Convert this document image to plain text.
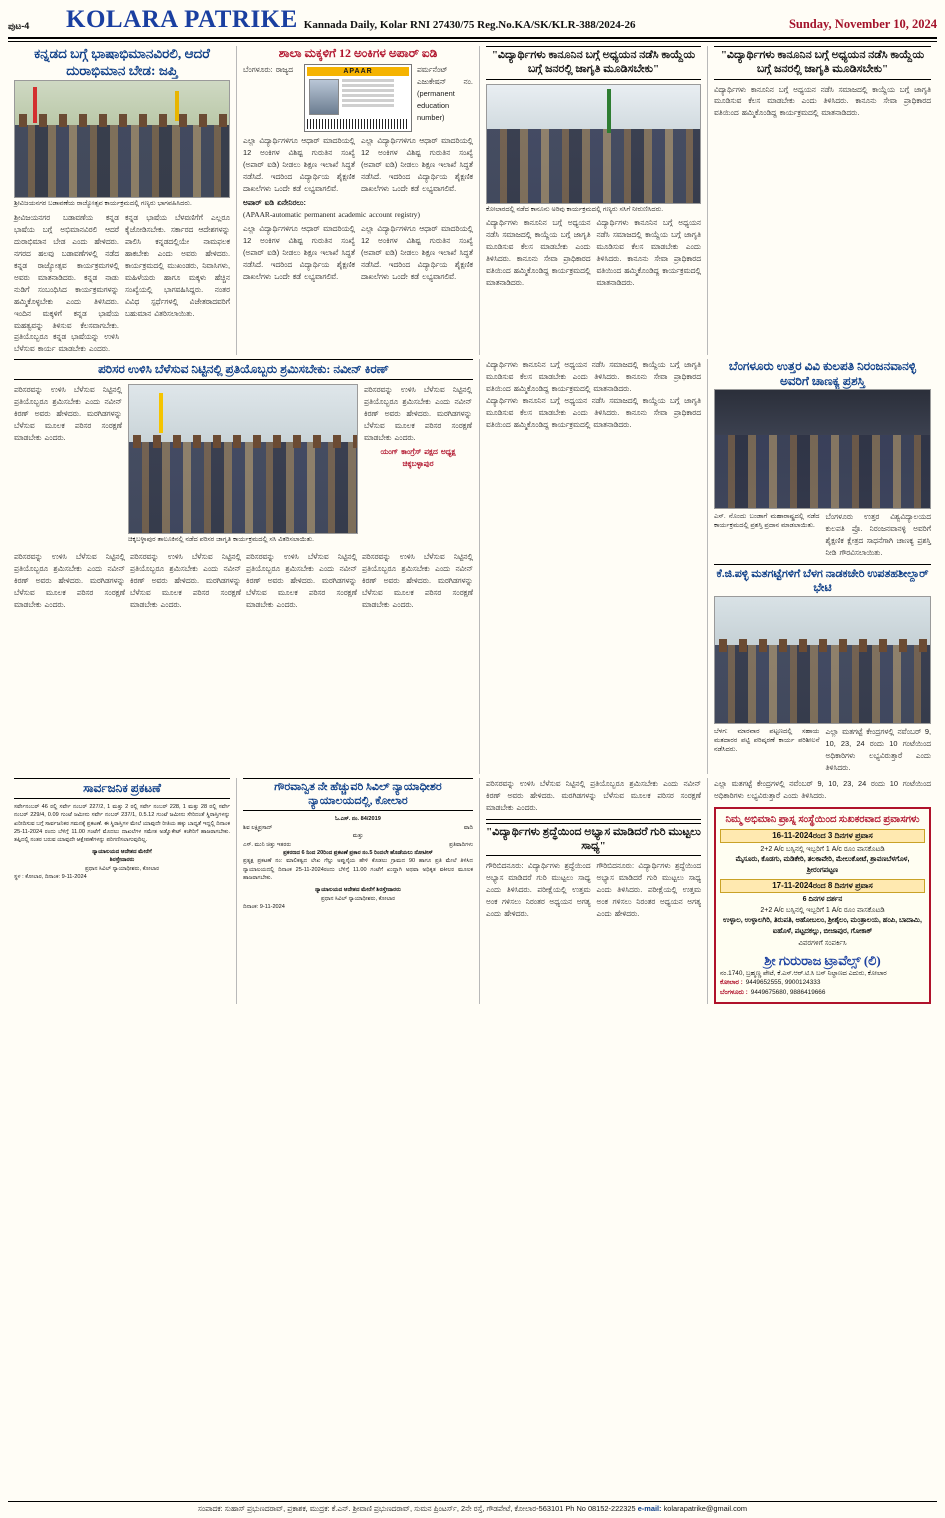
ಪುಟ-4	KOLARA PATRIKE Kannada Daily, Kolar RNI 27430/75 Reg.No.KA/SK/KLR-388/2024-26	Sunday, November 10, 2024
ಕನ್ನಡದ ಬಗ್ಗೆ ಭಾಷಾಭಿಮಾನವಿರಲಿ, ಆದರೆ ದುರಾಭಿಮಾನ ಬೇಡ: ಜಪ್ತಿ
ಶ್ರೀವಿಜಯನಗರ ಬಡಾವಣೆಯ ರಾಜ್ಯೋತ್ಸವ ಕಾರ್ಯಕ್ರಮದಲ್ಲಿ ಗಣ್ಯರು ಭಾಗವಹಿಸಿದರು.
ಶ್ರೀವಿಜಯನಗರ ಬಡಾವಣೆಯ ಕನ್ನಡ ಭಾಷೆಯ ಬಗ್ಗೆ ಅಭಿಮಾನವಿರಲಿ ಆದರೆ ದುರಾಭಿಮಾನ ಬೇಡ ಎಂದು ಹೇಳಿದರು. ನಗರದ ಹಲವು ಬಡಾವಣೆಗಳಲ್ಲಿ ನಡೆದ ಕನ್ನಡ ರಾಜ್ಯೋತ್ಸವ ಕಾರ್ಯಕ್ರಮಗಳಲ್ಲಿ ಅವರು ಮಾತನಾಡಿದರು. ಕನ್ನಡ ನಾಡು ನುಡಿಗೆ ಸಂಬಂಧಿಸಿದ ಕಾರ್ಯಕ್ರಮಗಳನ್ನು ಹಮ್ಮಿಕೊಳ್ಳಬೇಕು ಎಂದು ತಿಳಿಸಿದರು. ಇಂದಿನ ಮಕ್ಕಳಿಗೆ ಕನ್ನಡ ಭಾಷೆಯ ಮಹತ್ವವನ್ನು ತಿಳಿಸುವ ಕೆಲಸವಾಗಬೇಕು. ಪ್ರತಿಯೊಬ್ಬರೂ ಕನ್ನಡ ಭಾಷೆಯನ್ನು ಉಳಿಸಿ ಬೆಳೆಸುವ ಕಾರ್ಯ ಮಾಡಬೇಕು ಎಂದರು.
ಕನ್ನಡ ಭಾಷೆಯ ಬೆಳವಣಿಗೆಗೆ ಎಲ್ಲರೂ ಕೈಜೋಡಿಸಬೇಕು. ಸರ್ಕಾರದ ಆದೇಶಗಳನ್ನು ಪಾಲಿಸಿ ಕನ್ನಡದಲ್ಲಿಯೇ ನಾಮಫಲಕ ಹಾಕಬೇಕು ಎಂದು ಅವರು ಹೇಳಿದರು. ಕಾರ್ಯಕ್ರಮದಲ್ಲಿ ಮುಖಂಡರು, ನಿವಾಸಿಗಳು, ಮಹಿಳೆಯರು ಹಾಗೂ ಮಕ್ಕಳು ಹೆಚ್ಚಿನ ಸಂಖ್ಯೆಯಲ್ಲಿ ಭಾಗವಹಿಸಿದ್ದರು. ನಂತರ ವಿವಿಧ ಸ್ಪರ್ಧೆಗಳಲ್ಲಿ ವಿಜೇತರಾದವರಿಗೆ ಬಹುಮಾನ ವಿತರಿಸಲಾಯಿತು.
ಶಾಲಾ ಮಕ್ಕಳಿಗೆ 12 ಅಂಕಿಗಳ ಅಪಾರ್ ಐಡಿ
ಬೆಂಗಳೂರು: ರಾಜ್ಯದ	APAAR	ಪರ್ಮನೆಂಟ್ ಎಜುಕೇಷನ್ ನಂ. (permanent education number)
ಎಲ್ಲಾ ವಿದ್ಯಾರ್ಥಿಗಳಿಗೂ ಆಧಾರ್ ಮಾದರಿಯಲ್ಲಿ 12 ಅಂಕಿಗಳ ವಿಶಿಷ್ಟ ಗುರುತಿನ ಸಂಖ್ಯೆ (ಅಪಾರ್ ಐಡಿ) ನೀಡಲು ಶಿಕ್ಷಣ ಇಲಾಖೆ ಸಿದ್ಧತೆ ನಡೆಸಿದೆ. ಇದರಿಂದ ವಿದ್ಯಾರ್ಥಿಯ ಶೈಕ್ಷಣಿಕ ದಾಖಲೆಗಳು ಒಂದೇ ಕಡೆ ಲಭ್ಯವಾಗಲಿವೆ.
ಎಲ್ಲಾ ವಿದ್ಯಾರ್ಥಿಗಳಿಗೂ ಆಧಾರ್ ಮಾದರಿಯಲ್ಲಿ 12 ಅಂಕಿಗಳ ವಿಶಿಷ್ಟ ಗುರುತಿನ ಸಂಖ್ಯೆ (ಅಪಾರ್ ಐಡಿ) ನೀಡಲು ಶಿಕ್ಷಣ ಇಲಾಖೆ ಸಿದ್ಧತೆ ನಡೆಸಿದೆ. ಇದರಿಂದ ವಿದ್ಯಾರ್ಥಿಯ ಶೈಕ್ಷಣಿಕ ದಾಖಲೆಗಳು ಒಂದೇ ಕಡೆ ಲಭ್ಯವಾಗಲಿವೆ.
ಅಪಾರ್ ಐಡಿ ಏನೇನಿರಲು:
(APAAR-automatic permanent academic account registry)
ಎಲ್ಲಾ ವಿದ್ಯಾರ್ಥಿಗಳಿಗೂ ಆಧಾರ್ ಮಾದರಿಯಲ್ಲಿ 12 ಅಂಕಿಗಳ ವಿಶಿಷ್ಟ ಗುರುತಿನ ಸಂಖ್ಯೆ (ಅಪಾರ್ ಐಡಿ) ನೀಡಲು ಶಿಕ್ಷಣ ಇಲಾಖೆ ಸಿದ್ಧತೆ ನಡೆಸಿದೆ. ಇದರಿಂದ ವಿದ್ಯಾರ್ಥಿಯ ಶೈಕ್ಷಣಿಕ ದಾಖಲೆಗಳು ಒಂದೇ ಕಡೆ ಲಭ್ಯವಾಗಲಿವೆ.
ಎಲ್ಲಾ ವಿದ್ಯಾರ್ಥಿಗಳಿಗೂ ಆಧಾರ್ ಮಾದರಿಯಲ್ಲಿ 12 ಅಂಕಿಗಳ ವಿಶಿಷ್ಟ ಗುರುತಿನ ಸಂಖ್ಯೆ (ಅಪಾರ್ ಐಡಿ) ನೀಡಲು ಶಿಕ್ಷಣ ಇಲಾಖೆ ಸಿದ್ಧತೆ ನಡೆಸಿದೆ. ಇದರಿಂದ ವಿದ್ಯಾರ್ಥಿಯ ಶೈಕ್ಷಣಿಕ ದಾಖಲೆಗಳು ಒಂದೇ ಕಡೆ ಲಭ್ಯವಾಗಲಿವೆ.
"ವಿದ್ಯಾರ್ಥಿಗಳು ಕಾನೂನಿನ ಬಗ್ಗೆ ಅಧ್ಯಯನ ನಡೆಸಿ ಕಾಯ್ದೆಯ ಬಗ್ಗೆ ಜನರಲ್ಲಿ ಜಾಗೃತಿ ಮೂಡಿಸಬೇಕು"
ಕೋಲಾರದಲ್ಲಿ ನಡೆದ ಕಾನೂನು ಅರಿವು ಕಾರ್ಯಕ್ರಮದಲ್ಲಿ ಗಣ್ಯರು ಸಸಿಗೆ ನೀರುಣಿಸಿದರು.
ವಿದ್ಯಾರ್ಥಿಗಳು ಕಾನೂನಿನ ಬಗ್ಗೆ ಅಧ್ಯಯನ ನಡೆಸಿ ಸಮಾಜದಲ್ಲಿ ಕಾಯ್ದೆಯ ಬಗ್ಗೆ ಜಾಗೃತಿ ಮೂಡಿಸುವ ಕೆಲಸ ಮಾಡಬೇಕು ಎಂದು ತಿಳಿಸಿದರು. ಕಾನೂನು ಸೇವಾ ಪ್ರಾಧಿಕಾರದ ವತಿಯಿಂದ ಹಮ್ಮಿಕೊಂಡಿದ್ದ ಕಾರ್ಯಕ್ರಮದಲ್ಲಿ ಮಾತನಾಡಿದರು.
ವಿದ್ಯಾರ್ಥಿಗಳು ಕಾನೂನಿನ ಬಗ್ಗೆ ಅಧ್ಯಯನ ನಡೆಸಿ ಸಮಾಜದಲ್ಲಿ ಕಾಯ್ದೆಯ ಬಗ್ಗೆ ಜಾಗೃತಿ ಮೂಡಿಸುವ ಕೆಲಸ ಮಾಡಬೇಕು ಎಂದು ತಿಳಿಸಿದರು. ಕಾನೂನು ಸೇವಾ ಪ್ರಾಧಿಕಾರದ ವತಿಯಿಂದ ಹಮ್ಮಿಕೊಂಡಿದ್ದ ಕಾರ್ಯಕ್ರಮದಲ್ಲಿ ಮಾತನಾಡಿದರು.
"ವಿದ್ಯಾರ್ಥಿಗಳು ಕಾನೂನಿನ ಬಗ್ಗೆ ಅಧ್ಯಯನ ನಡೆಸಿ ಕಾಯ್ದೆಯ ಬಗ್ಗೆ ಜನರಲ್ಲಿ ಜಾಗೃತಿ ಮೂಡಿಸಬೇಕು"
ವಿದ್ಯಾರ್ಥಿಗಳು ಕಾನೂನಿನ ಬಗ್ಗೆ ಅಧ್ಯಯನ ನಡೆಸಿ ಸಮಾಜದಲ್ಲಿ ಕಾಯ್ದೆಯ ಬಗ್ಗೆ ಜಾಗೃತಿ ಮೂಡಿಸುವ ಕೆಲಸ ಮಾಡಬೇಕು ಎಂದು ತಿಳಿಸಿದರು. ಕಾನೂನು ಸೇವಾ ಪ್ರಾಧಿಕಾರದ ವತಿಯಿಂದ ಹಮ್ಮಿಕೊಂಡಿದ್ದ ಕಾರ್ಯಕ್ರಮದಲ್ಲಿ ಮಾತನಾಡಿದರು.
ಪರಿಸರ ಉಳಿಸಿ ಬೆಳೆಸುವ ನಿಟ್ಟಿನಲ್ಲಿ ಪ್ರತಿಯೊಬ್ಬರು ಶ್ರಮಿಸಬೇಕು: ನವೀನ್ ಕಿರಣ್
ಪರಿಸರವನ್ನು ಉಳಿಸಿ ಬೆಳೆಸುವ ನಿಟ್ಟಿನಲ್ಲಿ ಪ್ರತಿಯೊಬ್ಬರೂ ಶ್ರಮಿಸಬೇಕು ಎಂದು ನವೀನ್ ಕಿರಣ್ ಅವರು ಹೇಳಿದರು. ಮರಗಿಡಗಳನ್ನು ಬೆಳೆಸುವ ಮೂಲಕ ಪರಿಸರ ಸಂರಕ್ಷಣೆ ಮಾಡಬೇಕು ಎಂದರು.
ಚಿಕ್ಕಬಳ್ಳಾಪುರ ತಾಲೂಕಿನಲ್ಲಿ ನಡೆದ ಪರಿಸರ ಜಾಗೃತಿ ಕಾರ್ಯಕ್ರಮದಲ್ಲಿ ಸಸಿ ವಿತರಿಸಲಾಯಿತು.
ಪರಿಸರವನ್ನು ಉಳಿಸಿ ಬೆಳೆಸುವ ನಿಟ್ಟಿನಲ್ಲಿ ಪ್ರತಿಯೊಬ್ಬರೂ ಶ್ರಮಿಸಬೇಕು ಎಂದು ನವೀನ್ ಕಿರಣ್ ಅವರು ಹೇಳಿದರು. ಮರಗಿಡಗಳನ್ನು ಬೆಳೆಸುವ ಮೂಲಕ ಪರಿಸರ ಸಂರಕ್ಷಣೆ ಮಾಡಬೇಕು ಎಂದರು.
ಯಂಗ್ ಕಾಂಗ್ರೆಸ್ ಪಕ್ಷದ ಅಧ್ಯಕ್ಷ ಚಿಕ್ಕಬಳ್ಳಾಪುರ
ಪರಿಸರವನ್ನು ಉಳಿಸಿ ಬೆಳೆಸುವ ನಿಟ್ಟಿನಲ್ಲಿ ಪ್ರತಿಯೊಬ್ಬರೂ ಶ್ರಮಿಸಬೇಕು ಎಂದು ನವೀನ್ ಕಿರಣ್ ಅವರು ಹೇಳಿದರು. ಮರಗಿಡಗಳನ್ನು ಬೆಳೆಸುವ ಮೂಲಕ ಪರಿಸರ ಸಂರಕ್ಷಣೆ ಮಾಡಬೇಕು ಎಂದರು.
ಪರಿಸರವನ್ನು ಉಳಿಸಿ ಬೆಳೆಸುವ ನಿಟ್ಟಿನಲ್ಲಿ ಪ್ರತಿಯೊಬ್ಬರೂ ಶ್ರಮಿಸಬೇಕು ಎಂದು ನವೀನ್ ಕಿರಣ್ ಅವರು ಹೇಳಿದರು. ಮರಗಿಡಗಳನ್ನು ಬೆಳೆಸುವ ಮೂಲಕ ಪರಿಸರ ಸಂರಕ್ಷಣೆ ಮಾಡಬೇಕು ಎಂದರು.
ಪರಿಸರವನ್ನು ಉಳಿಸಿ ಬೆಳೆಸುವ ನಿಟ್ಟಿನಲ್ಲಿ ಪ್ರತಿಯೊಬ್ಬರೂ ಶ್ರಮಿಸಬೇಕು ಎಂದು ನವೀನ್ ಕಿರಣ್ ಅವರು ಹೇಳಿದರು. ಮರಗಿಡಗಳನ್ನು ಬೆಳೆಸುವ ಮೂಲಕ ಪರಿಸರ ಸಂರಕ್ಷಣೆ ಮಾಡಬೇಕು ಎಂದರು.
ಪರಿಸರವನ್ನು ಉಳಿಸಿ ಬೆಳೆಸುವ ನಿಟ್ಟಿನಲ್ಲಿ ಪ್ರತಿಯೊಬ್ಬರೂ ಶ್ರಮಿಸಬೇಕು ಎಂದು ನವೀನ್ ಕಿರಣ್ ಅವರು ಹೇಳಿದರು. ಮರಗಿಡಗಳನ್ನು ಬೆಳೆಸುವ ಮೂಲಕ ಪರಿಸರ ಸಂರಕ್ಷಣೆ ಮಾಡಬೇಕು ಎಂದರು.
ವಿದ್ಯಾರ್ಥಿಗಳು ಕಾನೂನಿನ ಬಗ್ಗೆ ಅಧ್ಯಯನ ನಡೆಸಿ ಸಮಾಜದಲ್ಲಿ ಕಾಯ್ದೆಯ ಬಗ್ಗೆ ಜಾಗೃತಿ ಮೂಡಿಸುವ ಕೆಲಸ ಮಾಡಬೇಕು ಎಂದು ತಿಳಿಸಿದರು. ಕಾನೂನು ಸೇವಾ ಪ್ರಾಧಿಕಾರದ ವತಿಯಿಂದ ಹಮ್ಮಿಕೊಂಡಿದ್ದ ಕಾರ್ಯಕ್ರಮದಲ್ಲಿ ಮಾತನಾಡಿದರು.
ವಿದ್ಯಾರ್ಥಿಗಳು ಕಾನೂನಿನ ಬಗ್ಗೆ ಅಧ್ಯಯನ ನಡೆಸಿ ಸಮಾಜದಲ್ಲಿ ಕಾಯ್ದೆಯ ಬಗ್ಗೆ ಜಾಗೃತಿ ಮೂಡಿಸುವ ಕೆಲಸ ಮಾಡಬೇಕು ಎಂದು ತಿಳಿಸಿದರು. ಕಾನೂನು ಸೇವಾ ಪ್ರಾಧಿಕಾರದ ವತಿಯಿಂದ ಹಮ್ಮಿಕೊಂಡಿದ್ದ ಕಾರ್ಯಕ್ರಮದಲ್ಲಿ ಮಾತನಾಡಿದರು.
ಬೆಂಗಳೂರು ಉತ್ತರ ವಿವಿ ಕುಲಪತಿ ನಿರಂಜನವಾನಳ್ಳಿ ಅವರಿಗೆ ಚಾಣಕ್ಯ ಪ್ರಶಸ್ತಿ
ಎಸ್. ನೊಂದು ಬಂಡಾಗೆ ಮಹಾರಾಷ್ಟ್ರದಲ್ಲಿ ನಡೆದ ಕಾರ್ಯಕ್ರಮದಲ್ಲಿ ಪ್ರಶಸ್ತಿ ಪ್ರದಾನ ಮಾಡಲಾಯಿತು.
ಬೆಂಗಳೂರು ಉತ್ತರ ವಿಶ್ವವಿದ್ಯಾಲಯದ ಕುಲಪತಿ ಪ್ರೊ. ನಿರಂಜನವಾನಳ್ಳಿ ಅವರಿಗೆ ಶೈಕ್ಷಣಿಕ ಕ್ಷೇತ್ರದ ಸಾಧನೆಗಾಗಿ ಚಾಣಕ್ಯ ಪ್ರಶಸ್ತಿ ನೀಡಿ ಗೌರವಿಸಲಾಯಿತು.
ಕೆ.ಜಿ.ಪಳ್ಳಿ ಮತಗಟ್ಟೆಗಳಿಗೆ ಬೆಳಗ ನಾಡಕಚೇರಿ ಉಪತಹಶೀಲ್ದಾರ್ ಭೇಟಿ
ಬೆಳಗ: ಮಾರವಾರ ಪಟ್ಟಣದಲ್ಲಿ ಸಹಾಯ ಮತದಾರರ ಪಟ್ಟಿ ಪರಿಷ್ಕರಣೆ ಕಾರ್ಯ ಪರಿಶೀಲನೆ ನಡೆಸಿದರು.
ಎಲ್ಲಾ ಮತಗಟ್ಟೆ ಕೇಂದ್ರಗಳಲ್ಲಿ ನವೆಂಬರ್ 9, 10, 23, 24 ರಂದು 10 ಗಂಟೆಯಿಂದ ಅಧಿಕಾರಿಗಳು ಲಭ್ಯವಿರುತ್ತಾರೆ ಎಂದು ತಿಳಿಸಿದರು.
ಸಾರ್ವಜನಿಕ ಪ್ರಕಟಣೆ
ಸರ್ವೇನಂಬರ್ 46 ರಲ್ಲಿ ಸರ್ವೇ ನಂಬರ್ 227/2, 1 ಮತ್ತು 2 ರಲ್ಲಿ ಸರ್ವೇ ನಂಬರ್ 228, 1 ಮತ್ತು 28 ರಲ್ಲಿ ಸರ್ವೇ ನಂಬರ್ 229/4, 0.09 ಗುಂಟೆ ಜಮೀನು ಸರ್ವೇ ನಂಬರ್ 237/1, 0.5.12 ಗುಂಟೆ ಜಮೀನು ಸೇರಿದಂತೆ ಸ್ಥಿರಾಸ್ತಿಗಳನ್ನು ಖರೀದಿಸುವ ಬಗ್ಗೆ ಸಾರ್ವಜನಿಕರ ಗಮನಕ್ಕೆ ಪ್ರಕಟಣೆ. ಈ ಸ್ಥಿರಾಸ್ತಿಗಳ ಮೇಲೆ ಯಾವುದೇ ರೀತಿಯ ಹಕ್ಕು ಬಾಧ್ಯತೆ ಇದ್ದಲ್ಲಿ ದಿನಾಂಕ 25-11-2024 ರಂದು ಬೆಳಿಗ್ಗೆ 11.00 ಗಂಟೆಗೆ ಮೊದಲು ದಾಖಲೆಗಳ ಸಮೇತ ಅಡ್ವೊಕೇಟ್ ಕಚೇರಿಗೆ ಹಾಜರಾಗಬೇಕು. ತಪ್ಪಿದಲ್ಲಿ ನಂತರ ಬರುವ ಯಾವುದೇ ಆಕ್ಷೇಪಣೆಗಳನ್ನು ಪರಿಗಣಿಸಲಾಗುವುದಿಲ್ಲ.
ನ್ಯಾಯಾಲಯದ ಆದೇಶದ ಮೇರೆಗೆ
ಶಿರಸ್ತೇದಾರರು
ಪ್ರಧಾನ ಸಿವಿಲ್ ನ್ಯಾಯಾಧೀಶರು, ಕೋಲಾರ
ಸ್ಥಳ : ಕೋಲಾರ, ದಿನಾಂಕ: 9-11-2024
ಗೌರವಾನ್ವಿತ ನೇ ಹೆಚ್ಚುವರಿ ಸಿವಿಲ್ ನ್ಯಾಯಾಧೀಶರ ನ್ಯಾಯಾಲಯದಲ್ಲಿ, ಕೋಲಾರ
ಓ.ಎಸ್. ನಂ. 84/2019
ಶಿವ ಲಕ್ಷ್ಮಿಪ್ರಸಾದ್	ವಾದಿ
ಮತ್ತು
ಎಸ್. ಮುನಿ ಚಿತ್ತು ಇತರರು	ಪ್ರತಿವಾದಿಗಳು
ಪ್ರಕರಣದ 6 ನಿಂದ 20ರಿಂದ ಪ್ರಕಟಣೆ ಪ್ರಕಾರ ನಂ.5 ರಿಂದಲೇ ಹೊಡೆಯಲು ನೋಟೀಸ್
ಪ್ರತ್ಯಕ್ಷ ಪ್ರಕಟಣೆ ನಂ: ಮಾಲಿಕತ್ವದ ಲೇಖ ಗೆಲ್ಲು ಅಪ್ಪುಸೈಯ ಹೇಳಿ ಕೊಡಲು ಗ್ರಾಮದ 90 ಹಾಗೂ ಪ್ರತಿ ಮೇಲೆ ತಿಳಿಸಿದ ನ್ಯಾಯಾಲಯದಲ್ಲಿ ದಿನಾಂಕ 25-11-2024ರಂದು ಬೆಳಿಗ್ಗೆ 11.00 ಗಂಟೆಗೆ ಖುದ್ದಾಗಿ ಅಥವಾ ಅಧಿಕೃತ ವಕೀಲರ ಮೂಲಕ ಹಾಜರಾಗಬೇಕು.
ನ್ಯಾಯಾಲಯದ ಆದೇಶದ ಮೇರೆಗೆ ಶಿರಸ್ತೇದಾರರು
ಪ್ರಧಾನ ಸಿವಿಲ್ ನ್ಯಾಯಾಧೀಶರು, ಕೋಲಾರ
ದಿನಾಂಕ: 9-11-2024
ಪರಿಸರವನ್ನು ಉಳಿಸಿ ಬೆಳೆಸುವ ನಿಟ್ಟಿನಲ್ಲಿ ಪ್ರತಿಯೊಬ್ಬರೂ ಶ್ರಮಿಸಬೇಕು ಎಂದು ನವೀನ್ ಕಿರಣ್ ಅವರು ಹೇಳಿದರು. ಮರಗಿಡಗಳನ್ನು ಬೆಳೆಸುವ ಮೂಲಕ ಪರಿಸರ ಸಂರಕ್ಷಣೆ ಮಾಡಬೇಕು ಎಂದರು.
"ವಿದ್ಯಾರ್ಥಿಗಳು ಶ್ರದ್ಧೆಯಿಂದ ಅಭ್ಯಾಸ ಮಾಡಿದರೆ ಗುರಿ ಮುಟ್ಟಲು ಸಾಧ್ಯ"
ಗೌರಿಬಿದನೂರು: ವಿದ್ಯಾರ್ಥಿಗಳು ಶ್ರದ್ಧೆಯಿಂದ ಅಭ್ಯಾಸ ಮಾಡಿದರೆ ಗುರಿ ಮುಟ್ಟಲು ಸಾಧ್ಯ ಎಂದು ತಿಳಿಸಿದರು. ಪರೀಕ್ಷೆಯಲ್ಲಿ ಉತ್ತಮ ಅಂಕ ಗಳಿಸಲು ನಿರಂತರ ಅಧ್ಯಯನ ಅಗತ್ಯ ಎಂದು ಹೇಳಿದರು.
ಗೌರಿಬಿದನೂರು: ವಿದ್ಯಾರ್ಥಿಗಳು ಶ್ರದ್ಧೆಯಿಂದ ಅಭ್ಯಾಸ ಮಾಡಿದರೆ ಗುರಿ ಮುಟ್ಟಲು ಸಾಧ್ಯ ಎಂದು ತಿಳಿಸಿದರು. ಪರೀಕ್ಷೆಯಲ್ಲಿ ಉತ್ತಮ ಅಂಕ ಗಳಿಸಲು ನಿರಂತರ ಅಧ್ಯಯನ ಅಗತ್ಯ ಎಂದು ಹೇಳಿದರು.
ಎಲ್ಲಾ ಮತಗಟ್ಟೆ ಕೇಂದ್ರಗಳಲ್ಲಿ ನವೆಂಬರ್ 9, 10, 23, 24 ರಂದು 10 ಗಂಟೆಯಿಂದ ಅಧಿಕಾರಿಗಳು ಲಭ್ಯವಿರುತ್ತಾರೆ ಎಂದು ತಿಳಿಸಿದರು.
ನಿಮ್ಮ ಅಭಿಮಾನಿ ಪ್ರಾಸ್ನ ಸಂಸ್ಥೆಯಿಂದ ಸುಖಕರವಾದ ಪ್ರವಾಸಗಳು
16-11-2024ರಂದ 3 ದಿನಗಳ ಪ್ರವಾಸ
2+2 A/c ಬಸ್ಸಿನಲ್ಲಿ ಇಬ್ಬರಿಗೆ 1 A/c ರೂಂ ವಾಸಕೊಟಡಿ
ಮೈಸೂರು, ಕೊಡಗು, ಮಡಿಕೇರಿ, ತಲಕಾವೇರಿ, ಮೇಲುಕೋಟೆ, ಶ್ರಾವಣಬೆಳಗೊಳ, ಶ್ರೀರಂಗಪಟ್ಟಣ
17-11-2024ರಂದ 8 ದಿನಗಳ ಪ್ರವಾಸ
6 ದಿನಗಳ ದರ್ಶನ
2+2 A/c ಬಸ್ಸಿನಲ್ಲಿ ಇಬ್ಬರಿಗೆ 1 A/c ರೂಂ ವಾಸಕೊಟಡಿ
ಉಳ್ಳಾಲ, ಉಳ್ಳಾಲಗಿರಿ, ತಿರುಪತಿ, ಅಹೋಬಲಂ, ಶ್ರೀಶೈಲಂ, ಮಂತ್ರಾಲಯ, ಹಂಪಿ, ಬಾದಾಮಿ, ಐಹೊಳೆ, ಪಟ್ಟದಕಲ್ಲು, ಬೀಜಾಪುರ, ಗೋಕಾಕ್
ವಿವರಗಳಿಗೆ ಸಂಪರ್ಕಿಸಿ
ಶ್ರೀ ಗುರುರಾಜ ಟ್ರಾವೆಲ್ಸ್ (ಲಿ)
ನಂ.1740, ಬ್ರಹ್ಮಣ್ಣ ಪೇಟೆ, ಕೆ.ಎಸ್.ಆರ್.ಟಿ.ಸಿ ಬಸ್ ನಿಲ್ದಾಣದ ಎದುರು, ಕೋಲಾರ
ಕೋಲಾರ : 9449652555, 9900124333
ಬೆಂಗಳೂರು : 9449675680, 9886419666
ಸಂಪಾದಕ: ಸುಹಾಸ್ ಪ್ರಭುಣದರಾವ್, ಪ್ರಕಾಶಕ, ಮುದ್ರಕ: ಕೆ.ಎನ್. ಶ್ರೀವಾಣಿ ಪ್ರಭುಣದರಾವ್, ಸುಮನ ಪ್ರಿಂಟರ್ಸ್, 2ನೇ ರಸ್ತೆ, ಗೌಡಪೇಟೆ, ಕೋಲಾರ-563101 Ph No 08152-222325 e-mail: kolarapatrike@gmail.com
